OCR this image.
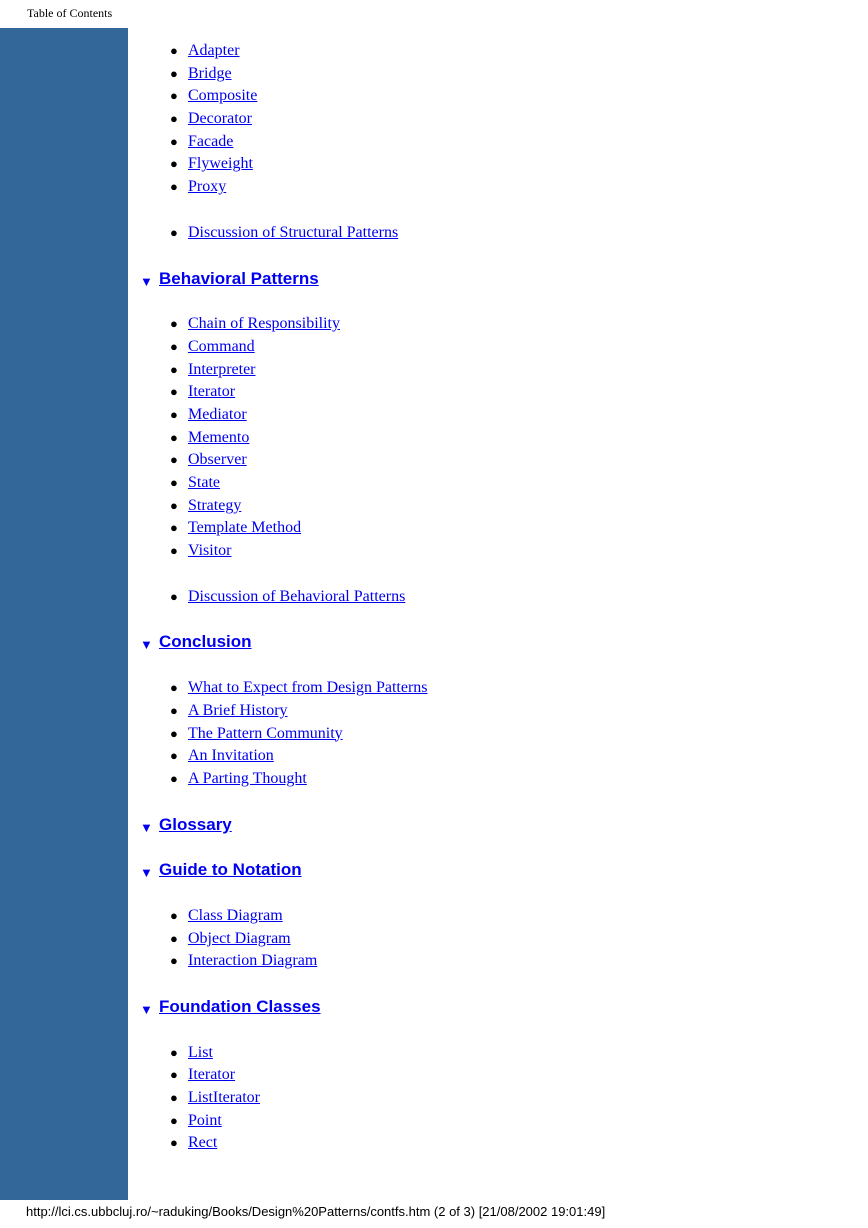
Table of Contents
● Adapter
● Bridge
● Composite
● Decorator
● Facade
● Flyweight
● Proxy
● Discussion of Structural Patterns
▼ Behavioral Patterns
● Chain of Responsibility
● Command
● Interpreter
● Iterator
● Mediator
● Memento
● Observer
● State
● Strategy
● Template Method
● Visitor
● Discussion of Behavioral Patterns
▼ Conclusion
● What to Expect from Design Patterns
● A Brief History
● The Pattern Community
● An Invitation
● A Parting Thought
▼ Glossary
▼ Guide to Notation
● Class Diagram
● Object Diagram
● Interaction Diagram
▼ Foundation Classes
● List
● Iterator
● ListIterator
● Point
● Rect
http://lci.cs.ubbcluj.ro/~raduking/Books/Design%20Patterns/contfs.htm (2 of 3) [21/08/2002 19:01:49]
